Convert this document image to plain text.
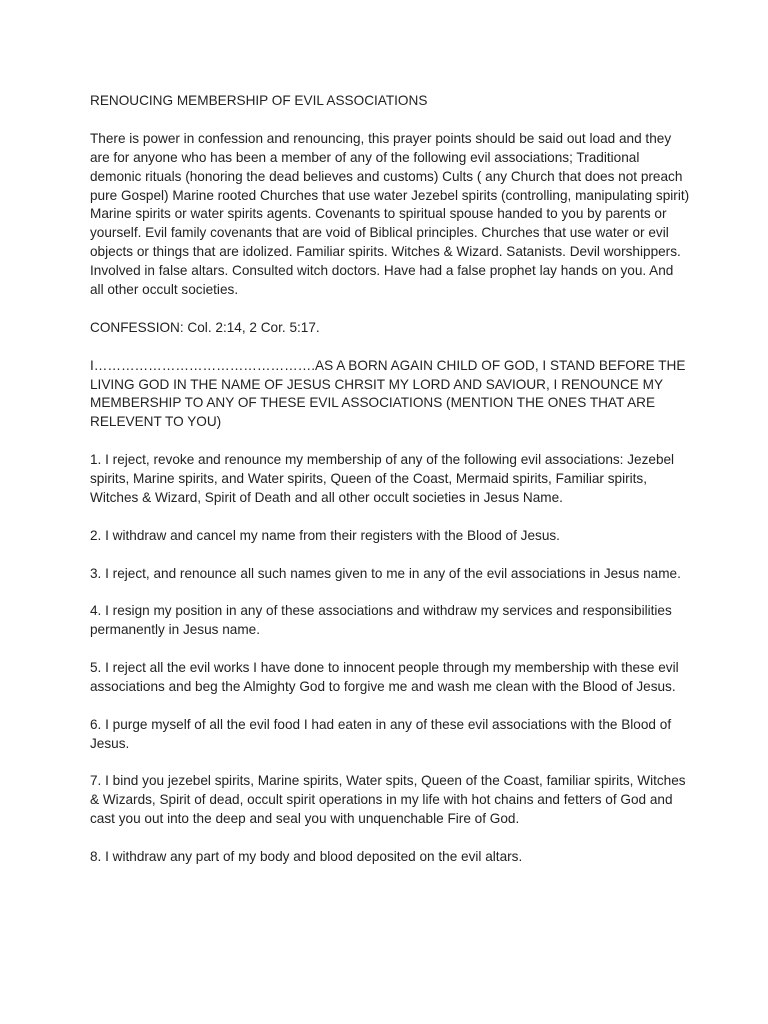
RENOUCING MEMBERSHIP OF EVIL ASSOCIATIONS

There is power in confession and renouncing, this prayer points should be said out load and they are for anyone who has been a member of any of the following evil associations; Traditional demonic rituals (honoring the dead believes and customs) Cults ( any Church that does not preach pure Gospel) Marine rooted Churches that use water Jezebel spirits (controlling, manipulating spirit) Marine spirits or water spirits agents. Covenants to spiritual spouse handed to you by parents or yourself. Evil family covenants that are void of Biblical principles. Churches that use water or evil objects or things that are idolized. Familiar spirits. Witches & Wizard. Satanists. Devil worshippers. Involved in false altars. Consulted witch doctors. Have had a false prophet lay hands on you. And all other occult societies.

CONFESSION: Col. 2:14, 2 Cor. 5:17.

I………………………………………….AS A BORN AGAIN CHILD OF GOD, I STAND BEFORE THE LIVING GOD IN THE NAME OF JESUS CHRSIT MY LORD AND SAVIOUR, I RENOUNCE MY MEMBERSHIP TO ANY OF THESE EVIL ASSOCIATIONS (MENTION THE ONES THAT ARE RELEVENT TO YOU)

1. I reject, revoke and renounce my membership of any of the following evil associations: Jezebel spirits, Marine spirits, and Water spirits, Queen of the Coast, Mermaid spirits, Familiar spirits, Witches & Wizard, Spirit of Death and all other occult societies in Jesus Name.

2. I withdraw and cancel my name from their registers with the Blood of Jesus.

3. I reject, and renounce all such names given to me in any of the evil associations in Jesus name.

4. I resign my position in any of these associations and withdraw my services and responsibilities permanently in Jesus name.

5. I reject all the evil works I have done to innocent people through my membership with these evil associations and beg the Almighty God to forgive me and wash me clean with the Blood of Jesus.

6. I purge myself of all the evil food I had eaten in any of these evil associations with the Blood of Jesus.

7. I bind you jezebel spirits, Marine spirits, Water spits, Queen of the Coast, familiar spirits, Witches & Wizards, Spirit of dead, occult spirit operations in my life with hot chains and fetters of God and cast you out into the deep and seal you with unquenchable Fire of God.

8. I withdraw any part of my body and blood deposited on the evil altars.
